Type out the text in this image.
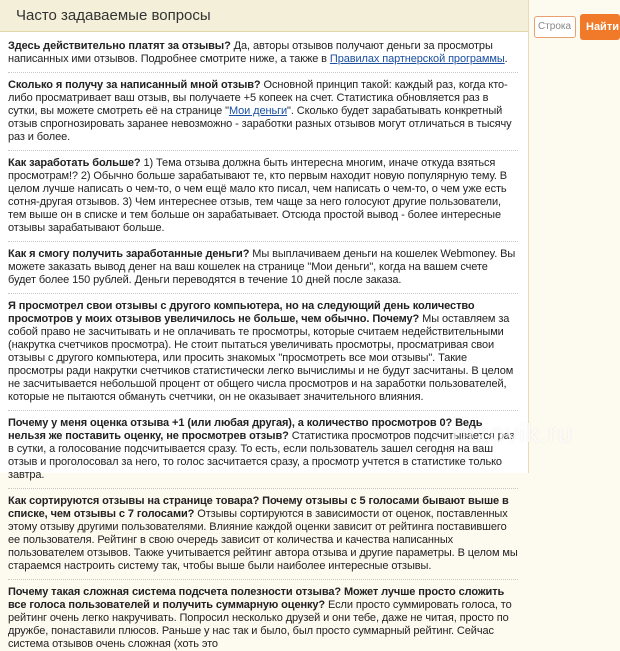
Часто задаваемые вопросы
Здесь действительно платят за отзывы? Да, авторы отзывов получают деньги за просмотры написанных ими отзывов. Подробнее смотрите ниже, а также в Правилах партнерской программы.
Сколько я получу за написанный мной отзыв? Основной принцип такой: каждый раз, когда кто-либо просматривает ваш отзыв, вы получаете +5 копеек на счет. Статистика обновляется раз в сутки, вы можете смотреть её на странице "Мои деньги". Сколько будет зарабатывать конкретный отзыв спрогнозировать заранее невозможно - заработки разных отзывов могут отличаться в тысячу раз и более.
Как заработать больше? 1) Тема отзыва должна быть интересна многим, иначе откуда взяться просмотрам!? 2) Обычно больше зарабатывают те, кто первым находит новую популярную тему. В целом лучше написать о чем-то, о чем ещё мало кто писал, чем написать о чем-то, о чем уже есть сотня-другая отзывов. 3) Чем интереснее отзыв, тем чаще за него голосуют другие пользователи, тем выше он в списке и тем больше он зарабатывает. Отсюда простой вывод - более интересные отзывы зарабатывают больше.
Как я смогу получить заработанные деньги? Мы выплачиваем деньги на кошелек Webmoney. Вы можете заказать вывод денег на ваш кошелек на странице "Мои деньги", когда на вашем счете будет более 150 рублей. Деньги переводятся в течение 10 дней после заказа.
Я просмотрел свои отзывы с другого компьютера, но на следующий день количество просмотров у моих отзывов увеличилось не больше, чем обычно. Почему? Мы оставляем за собой право не засчитывать и не оплачивать те просмотры, которые считаем недействительными (накрутка счетчиков просмотра). Не стоит пытаться увеличивать просмотры, просматривая свои отзывы с другого компьютера, или просить знакомых "просмотреть все мои отзывы". Такие просмотры ради накрутки счетчиков статистически легко вычислимы и не будут засчитаны. В целом не засчитывается небольшой процент от общего числа просмотров и на заработки пользователей, которые не пытаются обмануть счетчики, он не оказывает значительного влияния.
Почему у меня оценка отзыва +1 (или любая другая), а количество просмотров 0? Ведь нельзя же поставить оценку, не просмотрев отзыв? Статистика просмотров подсчитывается раз в сутки, а голосование подсчитывается сразу. То есть, если пользователь зашел сегодня на ваш отзыв и проголосовал за него, то голос засчитается сразу, а просмотр учтется в статистике только завтра.
Как сортируются отзывы на странице товара? Почему отзывы с 5 голосами бывают выше в списке, чем отзывы с 7 голосами? Отзывы сортируются в зависимости от оценок, поставленных этому отзыву другими пользователями. Влияние каждой оценки зависит от рейтинга поставившего ее пользователя. Рейтинг в свою очередь зависит от количества и качества написанных пользователем отзывов. Также учитывается рейтинг автора отзыва и другие параметры. В целом мы стараемся настроить систему так, чтобы выше были наиболее интересные отзывы.
Почему такая сложная система подсчета полезности отзыва? Может лучше просто сложить все голоса пользователей и получить суммарную оценку? Если просто суммировать голоса, то рейтинг очень легко накручивать. Попросил несколько друзей и они тебе, даже не читая, просто по дружбе, понаставили плюсов. Раньше у нас так и было, был просто суммарный рейтинг. Сейчас система отзывов очень сложная (хоть это
Строка	Найти
otzovik.ru
